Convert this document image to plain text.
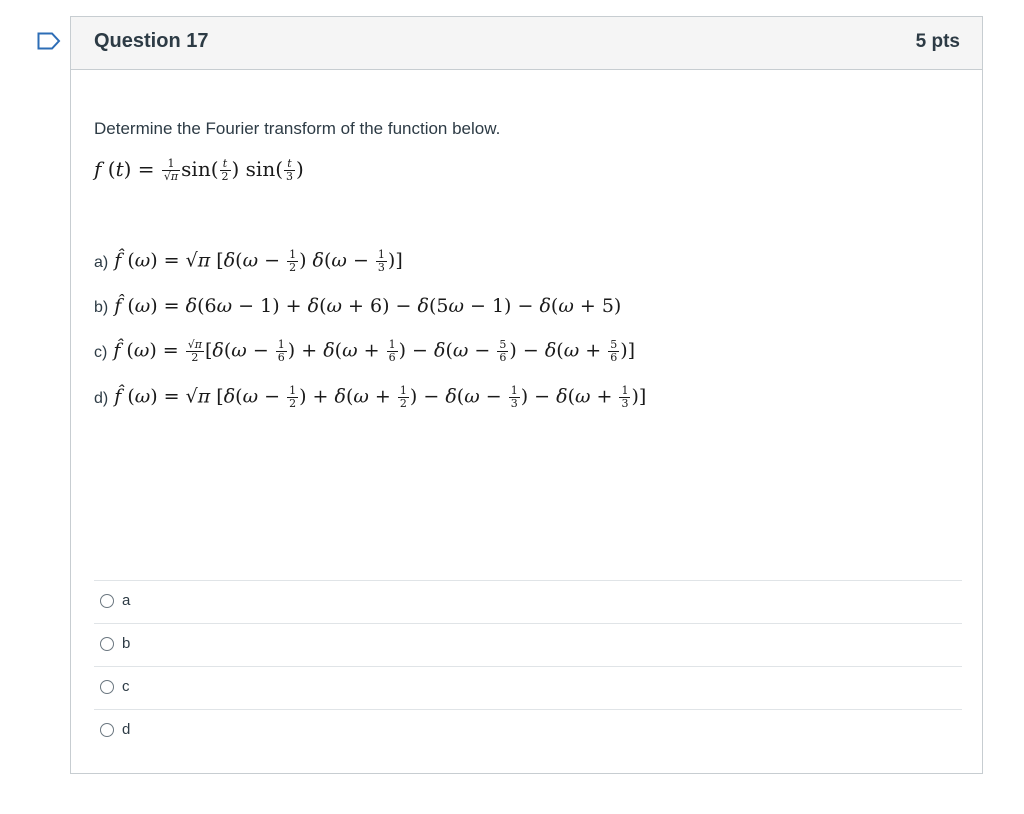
Question 17	5 pts
Determine the Fourier transform of the function below.
f $(t) = \frac{1}{√\pi} \sin( \frac{t}{2}$ ) $\sin( \frac{t}{3}$ )
a) f̂ (ω) = √π [$\delta(\omega - \frac{1}{2}$ ) $\delta(\omega - \frac{1}{3}$ )]
b) f̂ (ω) = δ(6ω − 1) + δ(ω + 6) − δ(5ω − 1) − δ(ω + 5)
c) f̂ $(\omega) = \frac{√\pi}{2} [\delta(\omega - \frac{1}{6}$ ) + $\delta(\omega + \frac{1}{6}$ ) − $\delta(\omega - \frac{5}{6}$ ) − $\delta(\omega + \frac{5}{6}$ )]
d) f̂ (ω) = √π [$\delta(\omega - \frac{1}{2}$ ) + $\delta(\omega + \frac{1}{2}$ ) − $\delta(\omega - \frac{1}{3}$ ) − $\delta(\omega + \frac{1}{3}$ )]
a
b
c
d
